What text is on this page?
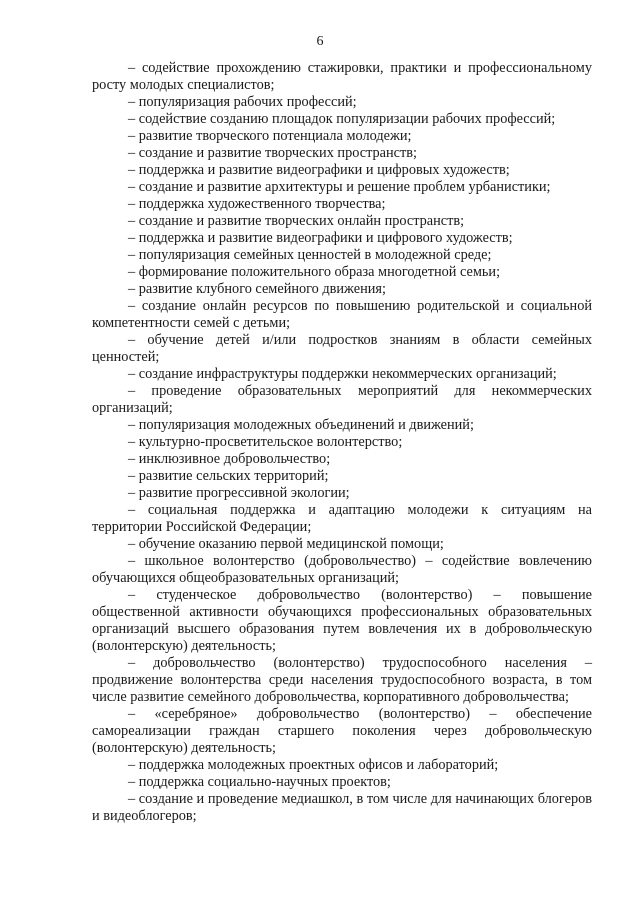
6

– содействие прохождению стажировки, практики и профессиональному росту молодых специалистов;

– популяризация рабочих профессий;

– содействие созданию площадок популяризации рабочих профессий;

– развитие творческого потенциала молодежи;

– создание и развитие творческих пространств;

– поддержка и развитие видеографики и цифровых художеств;

– создание и развитие архитектуры и решение проблем урбанистики;

– поддержка художественного творчества;

– создание и развитие творческих онлайн пространств;

– поддержка и развитие видеографики и цифрового художеств;

– популяризация семейных ценностей в молодежной среде;

– формирование положительного образа многодетной семьи;

– развитие клубного семейного движения;

– создание онлайн ресурсов по повышению родительской и социальной компетентности семей с детьми;

– обучение детей и/или подростков знаниям в области семейных ценностей;

– создание инфраструктуры поддержки некоммерческих организаций;

– проведение образовательных мероприятий для некоммерческих организаций;

– популяризация молодежных объединений и движений;

– культурно-просветительское волонтерство;

– инклюзивное добровольчество;

– развитие сельских территорий;

– развитие прогрессивной экологии;

– социальная поддержка и адаптацию молодежи к ситуациям на территории Российской Федерации;

– обучение оказанию первой медицинской помощи;

– школьное волонтерство (добровольчество) – содействие вовлечению обучающихся общеобразовательных организаций;

– студенческое добровольчество (волонтерство) – повышение общественной активности обучающихся профессиональных образовательных организаций высшего образования путем вовлечения их в добровольческую (волонтерскую) деятельность;

– добровольчество (волонтерство) трудоспособного населения – продвижение волонтерства среди населения трудоспособного возраста, в том числе развитие семейного добровольчества, корпоративного добровольчества;

– «серебряное» добровольчество (волонтерство) – обеспечение самореализации граждан старшего поколения через добровольческую (волонтерскую) деятельность;

– поддержка молодежных проектных офисов и лабораторий;

– поддержка социально-научных проектов;

– создание и проведение медиашкол, в том числе для начинающих блогеров и видеоблогеров;
